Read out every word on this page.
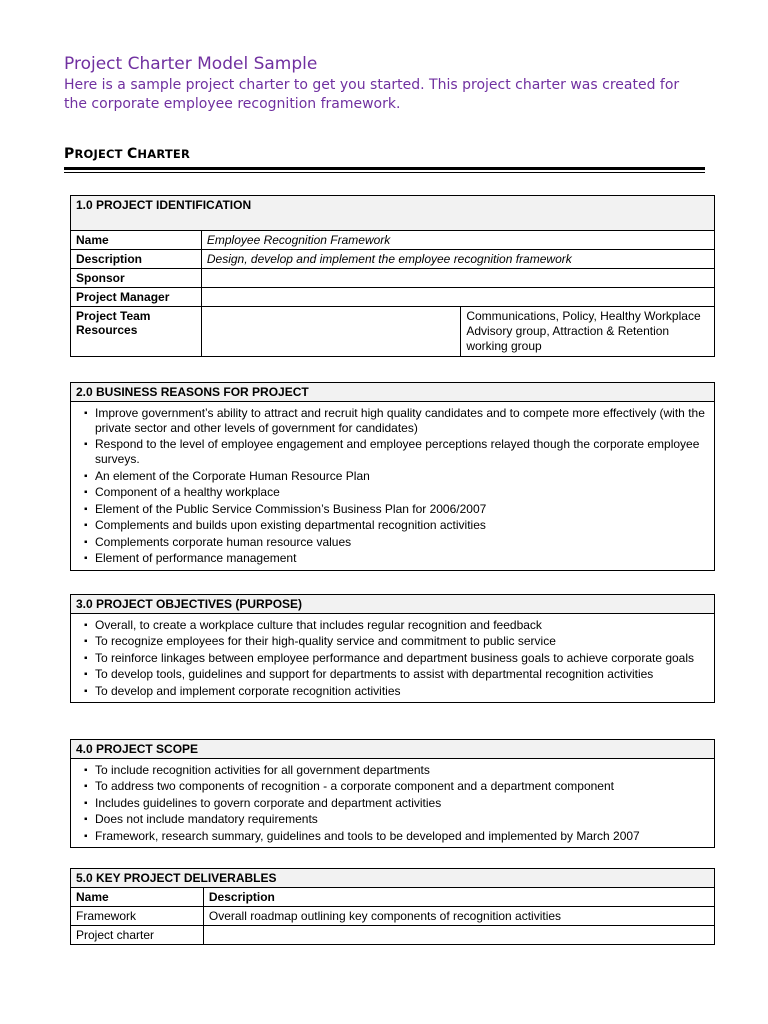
Project Charter Model Sample
Here is a sample project charter to get you started. This project charter was created for the corporate employee recognition framework.
PROJECT CHARTER
1.0 PROJECT IDENTIFICATION		
Name	Employee Recognition Framework	
Description	Design, develop and implement the employee recognition framework	
Sponsor		
Project Manager		
Project Team Resources		Communications, Policy, Healthy Workplace Advisory group, Attraction & Retention working group
2.0 BUSINESS REASONS FOR PROJECT

▪ Improve government’s ability to attract and recruit high quality candidates and to compete more effectively (with the private sector and other levels of government for candidates)
▪ Respond to the level of employee engagement and employee perceptions relayed though the corporate employee surveys.
▪ An element of the Corporate Human Resource Plan
▪ Component of a healthy workplace
▪ Element of the Public Service Commission’s Business Plan for 2006/2007
▪ Complements and builds upon existing departmental recognition activities
▪ Complements corporate human resource values
▪ Element of performance management
3.0 PROJECT OBJECTIVES (PURPOSE)

▪ Overall, to create a workplace culture that includes regular recognition and feedback
▪ To recognize employees for their high-quality service and commitment to public service
▪ To reinforce linkages between employee performance and department business goals to achieve corporate goals
▪ To develop tools, guidelines and support for departments to assist with departmental recognition activities
▪ To develop and implement corporate recognition activities
4.0 PROJECT SCOPE

▪ To include recognition activities for all government departments
▪ To address two components of recognition - a corporate component and a department component
▪ Includes guidelines to govern corporate and department activities
▪ Does not include mandatory requirements
▪ Framework, research summary, guidelines and tools to be developed and implemented by March 2007
5.0 KEY PROJECT DELIVERABLES	
Name	Description
Framework	Overall roadmap outlining key components of recognition activities
Project charter	
